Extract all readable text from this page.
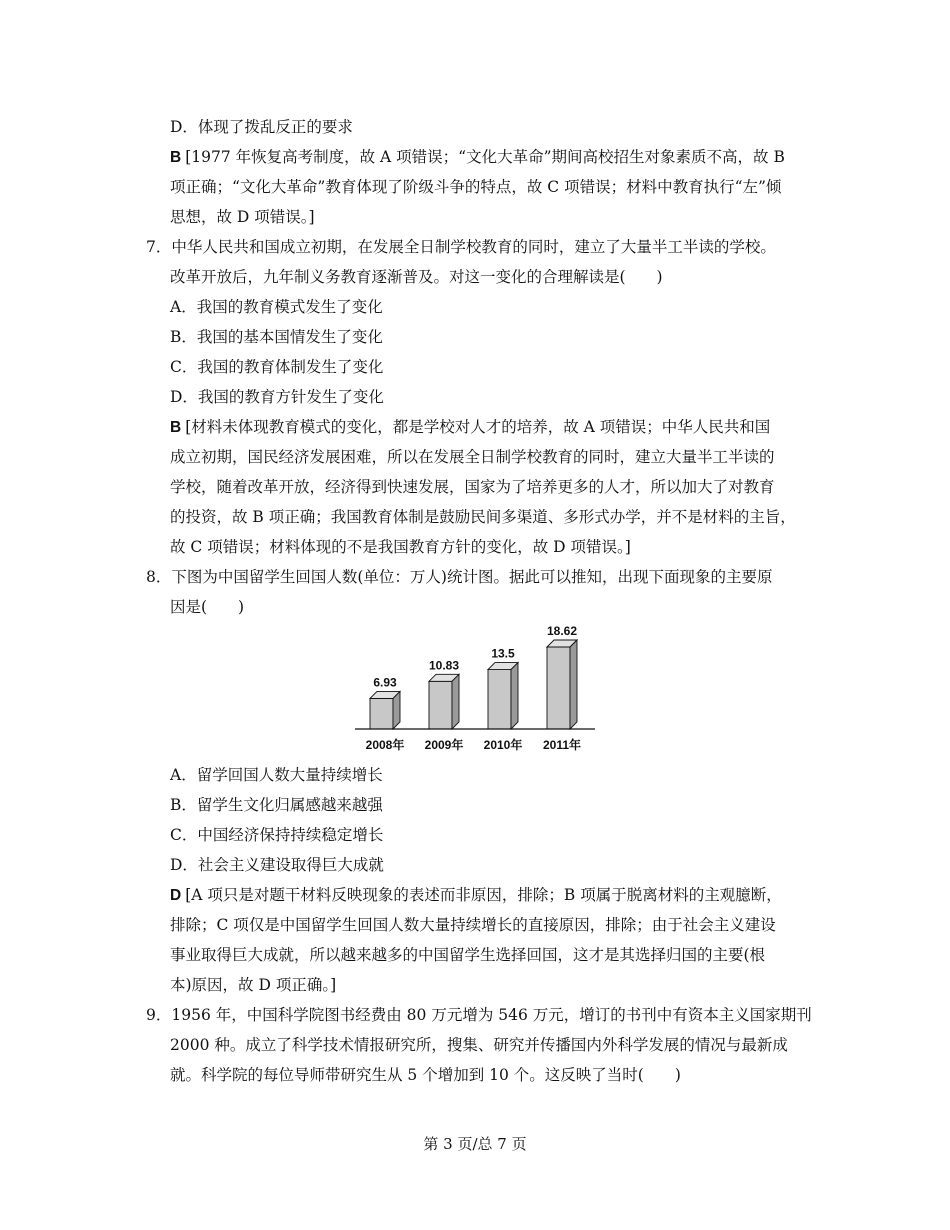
D．体现了拨乱反正的要求
B [1977 年恢复高考制度，故 A 项错误；“文化大革命”期间高校招生对象素质不高，故 B
项正确；“文化大革命”教育体现了阶级斗争的特点，故 C 项错误；材料中教育执行“左”倾
思想，故 D 项错误。]
7．中华人民共和国成立初期，在发展全日制学校教育的同时，建立了大量半工半读的学校。
改革开放后，九年制义务教育逐渐普及。对这一变化的合理解读是(　　)
A．我国的教育模式发生了变化
B．我国的基本国情发生了变化
C．我国的教育体制发生了变化
D．我国的教育方针发生了变化
B [材料未体现教育模式的变化，都是学校对人才的培养，故 A 项错误；中华人民共和国
成立初期，国民经济发展困难，所以在发展全日制学校教育的同时，建立大量半工半读的
学校，随着改革开放，经济得到快速发展，国家为了培养更多的人才，所以加大了对教育
的投资，故 B 项正确；我国教育体制是鼓励民间多渠道、多形式办学，并不是材料的主旨，
故 C 项错误；材料体现的不是我国教育方针的变化，故 D 项错误。]
8．下图为中国留学生回国人数(单位：万人)统计图。据此可以推知，出现下面现象的主要原
因是(　　)
6.93
2008年
10.83
2009年
13.5
2010年
18.62
2011年
A．留学回国人数大量持续增长
B．留学生文化归属感越来越强
C．中国经济保持持续稳定增长
D．社会主义建设取得巨大成就
D [A 项只是对题干材料反映现象的表述而非原因，排除；B 项属于脱离材料的主观臆断，
排除；C 项仅是中国留学生回国人数大量持续增长的直接原因，排除；由于社会主义建设
事业取得巨大成就，所以越来越多的中国留学生选择回国，这才是其选择归国的主要(根
本)原因，故 D 项正确。]
9．1956 年，中国科学院图书经费由 80 万元增为 546 万元，增订的书刊中有资本主义国家期刊
2000 种。成立了科学技术情报研究所，搜集、研究并传播国内外科学发展的情况与最新成
就。科学院的每位导师带研究生从 5 个增加到 10 个。这反映了当时(　　)
第 3 页/总 7 页
